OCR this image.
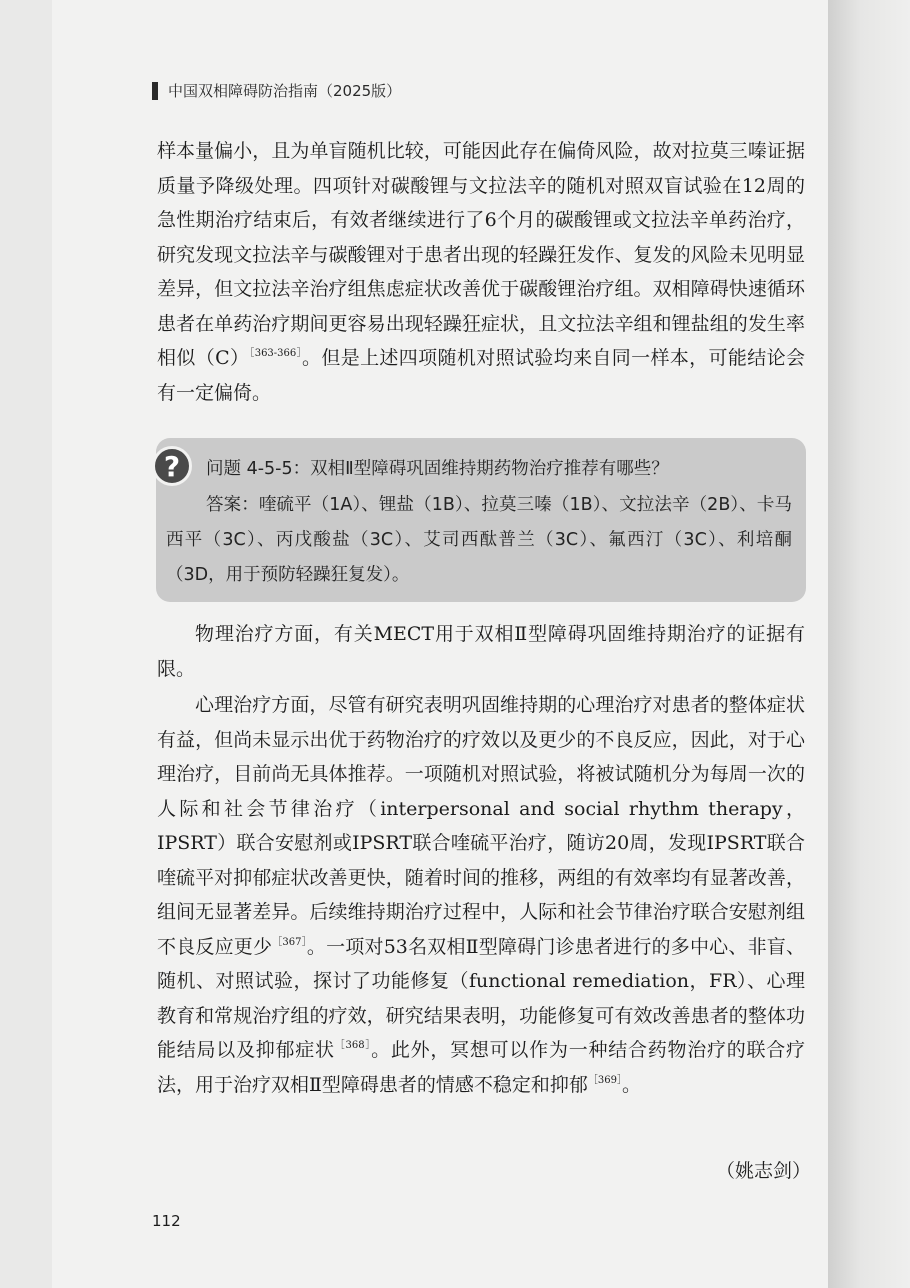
中国双相障碍防治指南（2025版）

样本量偏小，且为单盲随机比较，可能因此存在偏倚风险，故对拉莫三嗪证据质量予降级处理。四项针对碳酸锂与文拉法辛的随机对照双盲试验在12周的急性期治疗结束后，有效者继续进行了6个月的碳酸锂或文拉法辛单药治疗，研究发现文拉法辛与碳酸锂对于患者出现的轻躁狂发作、复发的风险未见明显差异，但文拉法辛治疗组焦虑症状改善优于碳酸锂治疗组。双相障碍快速循环患者在单药治疗期间更容易出现轻躁狂症状，且文拉法辛组和锂盐组的发生率相似$(C)^{[363-366]}$。但是上述四项随机对照试验均来自同一样本，可能结论会有一定偏倚。

问题 4-5-5：双相Ⅱ型障碍巩固维持期药物治疗推荐有哪些？
答案：喹硫平（1A）、锂盐（1B）、拉莫三嗪（1B）、文拉法辛（2B）、卡马西平（3C）、丙戊酸盐（3C）、艾司西酞普兰（3C）、氟西汀（3C）、利培酮（3D，用于预防轻躁狂复发）。
?

物理治疗方面，有关MECT用于双相Ⅱ型障碍巩固维持期治疗的证据有限。

心理治疗方面，尽管有研究表明巩固维持期的心理治疗对患者的整体症状有益，但尚未显示出优于药物治疗的疗效以及更少的不良反应，因此，对于心理治疗，目前尚无具体推荐。一项随机对照试验，将被试随机分为每周一次的人际和社会节律治疗（interpersonal and social rhythm therapy，IPSRT）联合安慰剂或IPSRT联合喹硫平治疗，随访20周，发现IPSRT联合喹硫平对抑郁症状改善更快，随着时间的推移，两组的有效率均有显著改善，组间无显著差异。后续维持期治疗过程中，人际和社会节律治疗联合安慰剂组不良反应更少$^{[367]}$。一项对53名双相Ⅱ型障碍门诊患者进行的多中心、非盲、随机、对照试验，探讨了功能修复（functional remediation，FR）、心理教育和常规治疗组的疗效，研究结果表明，功能修复可有效改善患者的整体功能结局以及抑郁症状$^{[368]}$。此外，冥想可以作为一种结合药物治疗的联合疗法，用于治疗双相Ⅱ型障碍患者的情感不稳定和抑郁$^{[369]}$。

（姚志剑）
112
